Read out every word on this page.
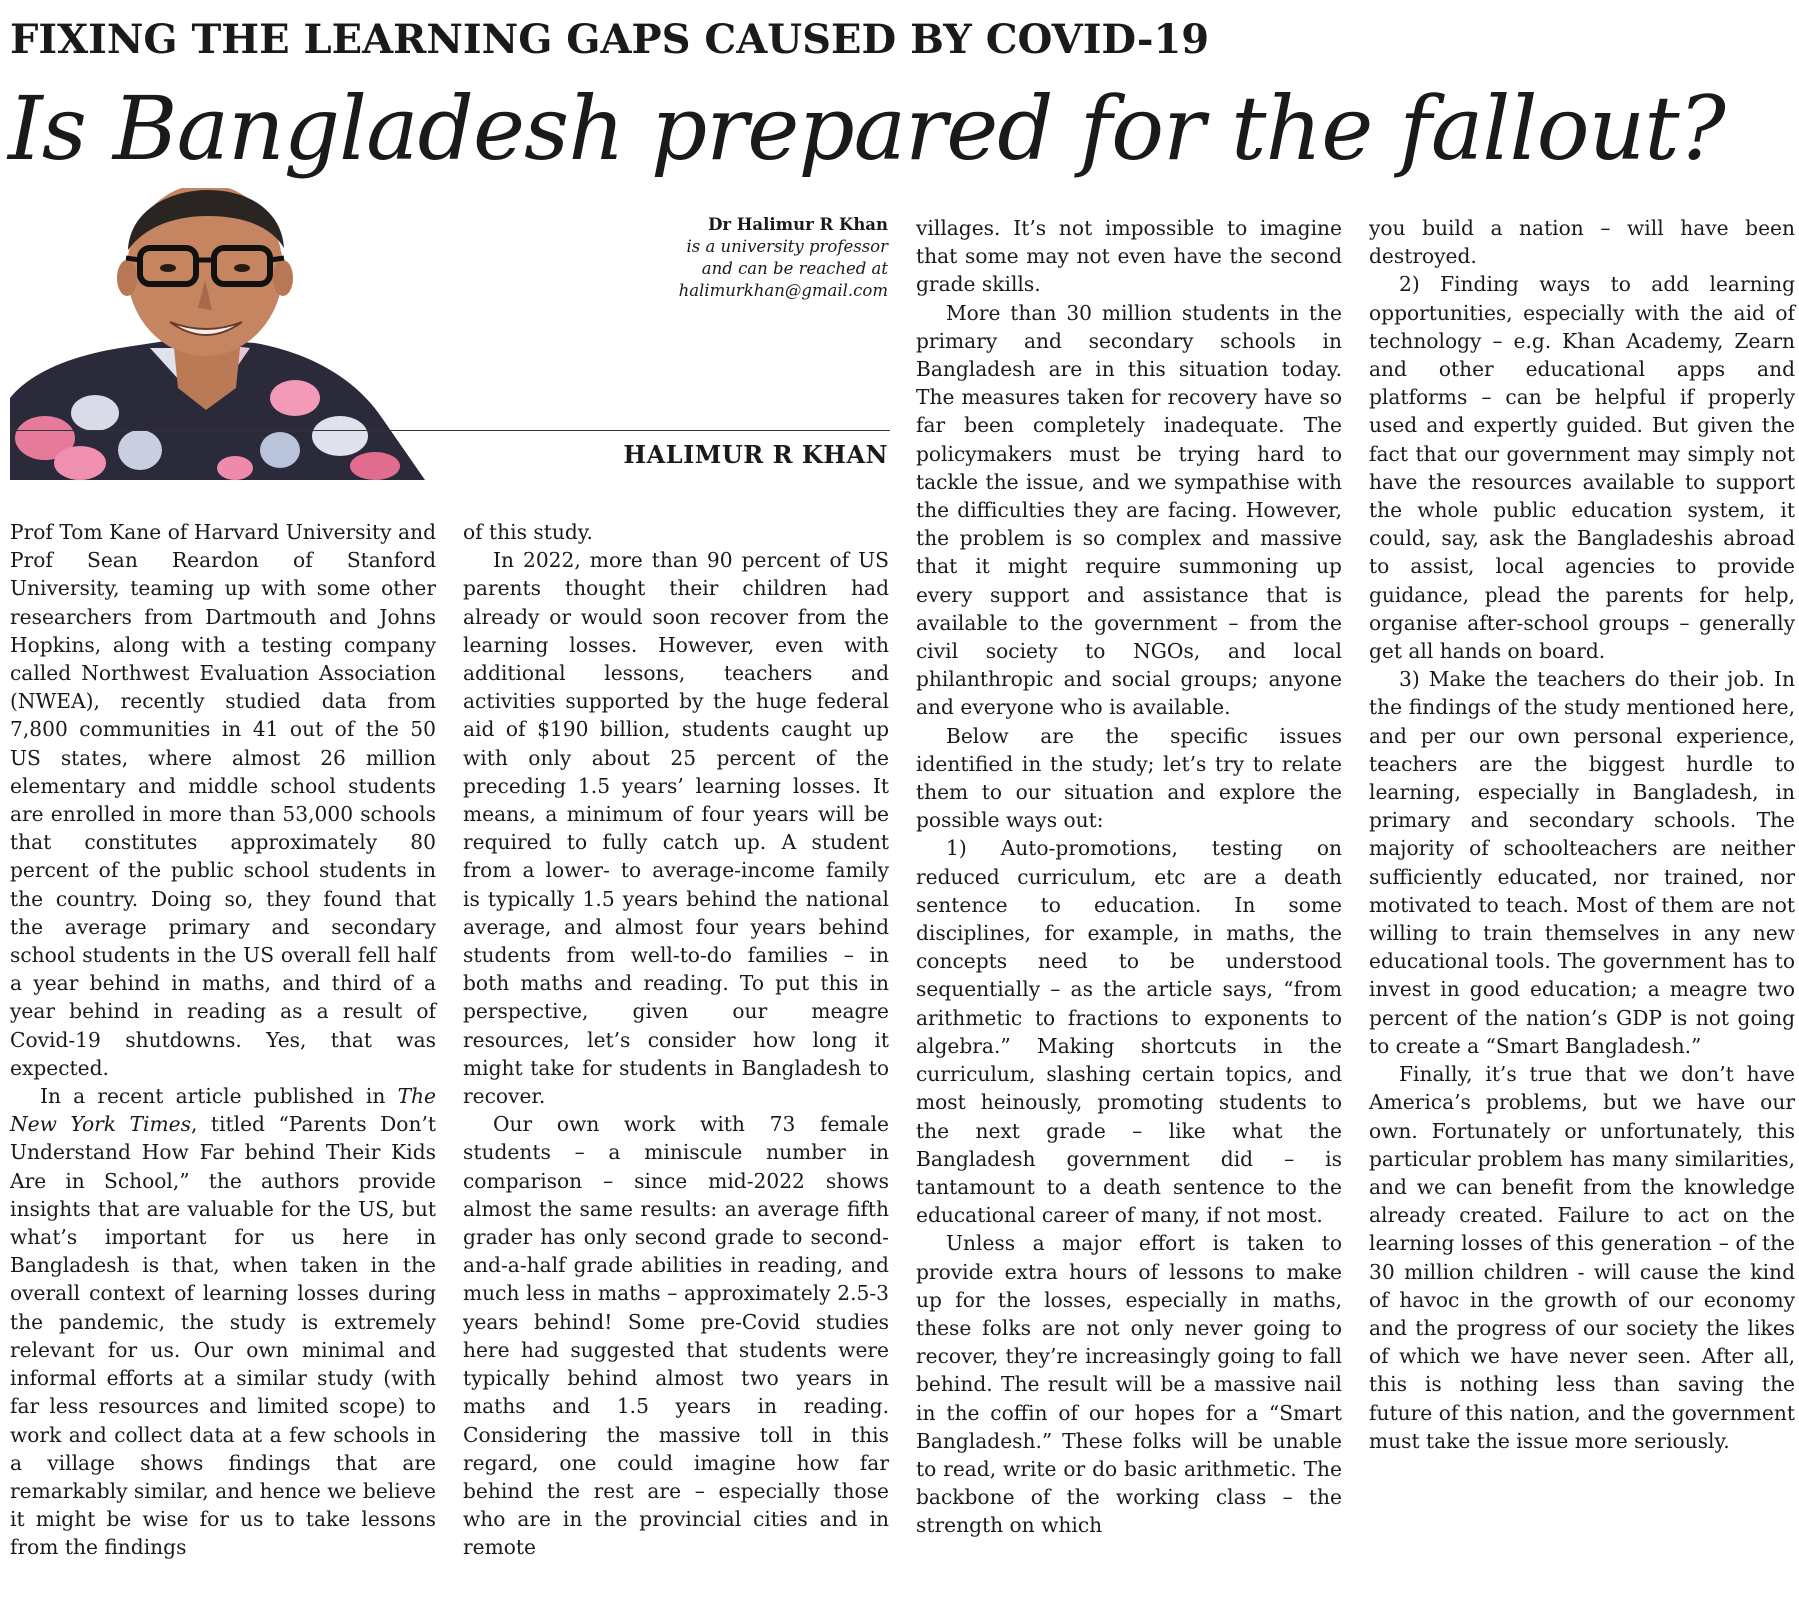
FIXING THE LEARNING GAPS CAUSED BY COVID-19
Is Bangladesh prepared for the fallout?
Dr Halimur R Khan
is a university professor
and can be reached at
halimurkhan@gmail.com
HALIMUR R KHAN

Prof Tom Kane of Harvard University and Prof Sean Reardon of Stanford University, teaming up with some other researchers from Dartmouth and Johns Hopkins, along with a testing company called Northwest Evaluation Association (NWEA), recently studied data from 7,800 communities in 41 out of the 50 US states, where almost 26 million elementary and middle school students are enrolled in more than 53,000 schools that constitutes approximately 80 percent of the public school students in the country. Doing so, they found that the average primary and secondary school students in the US overall fell half a year behind in maths, and third of a year behind in reading as a result of Covid-19 shutdowns. Yes, that was expected.

In a recent article published in The New York Times, titled “Parents Don’t Understand How Far behind Their Kids Are in School,” the authors provide insights that are valuable for the US, but what’s important for us here in Bangladesh is that, when taken in the overall context of learning losses during the pandemic, the study is extremely relevant for us. Our own minimal and informal efforts at a similar study (with far less resources and limited scope) to work and collect data at a few schools in a village shows findings that are remarkably similar, and hence we believe it might be wise for us to take lessons from the findings

of this study.

In 2022, more than 90 percent of US parents thought their children had already or would soon recover from the learning losses. However, even with additional lessons, teachers and activities supported by the huge federal aid of $190 billion, students caught up with only about 25 percent of the preceding 1.5 years’ learning losses. It means, a minimum of four years will be required to fully catch up. A student from a lower- to average-income family is typically 1.5 years behind the national average, and almost four years behind students from well-to-do families – in both maths and reading. To put this in perspective, given our meagre resources, let’s consider how long it might take for students in Bangladesh to recover.

Our own work with 73 female students – a miniscule number in comparison – since mid-2022 shows almost the same results: an average fifth grader has only second grade to second-and-a-half grade abilities in reading, and much less in maths – approximately 2.5-3 years behind! Some pre-Covid studies here had suggested that students were typically behind almost two years in maths and 1.5 years in reading. Considering the massive toll in this regard, one could imagine how far behind the rest are – especially those who are in the provincial cities and in remote

villages. It’s not impossible to imagine that some may not even have the second grade skills.

More than 30 million students in the primary and secondary schools in Bangladesh are in this situation today. The measures taken for recovery have so far been completely inadequate. The policymakers must be trying hard to tackle the issue, and we sympathise with the difficulties they are facing. However, the problem is so complex and massive that it might require summoning up every support and assistance that is available to the government – from the civil society to NGOs, and local philanthropic and social groups; anyone and everyone who is available.

Below are the specific issues identified in the study; let’s try to relate them to our situation and explore the possible ways out:

1) Auto-promotions, testing on reduced curriculum, etc are a death sentence to education. In some disciplines, for example, in maths, the concepts need to be understood sequentially – as the article says, “from arithmetic to fractions to exponents to algebra.” Making shortcuts in the curriculum, slashing certain topics, and most heinously, promoting students to the next grade – like what the Bangladesh government did – is tantamount to a death sentence to the educational career of many, if not most.

Unless a major effort is taken to provide extra hours of lessons to make up for the losses, especially in maths, these folks are not only never going to recover, they’re increasingly going to fall behind. The result will be a massive nail in the coffin of our hopes for a “Smart Bangladesh.” These folks will be unable to read, write or do basic arithmetic. The backbone of the working class – the strength on which

you build a nation – will have been destroyed.

2) Finding ways to add learning opportunities, especially with the aid of technology – e.g. Khan Academy, Zearn and other educational apps and platforms – can be helpful if properly used and expertly guided. But given the fact that our government may simply not have the resources available to support the whole public education system, it could, say, ask the Bangladeshis abroad to assist, local agencies to provide guidance, plead the parents for help, organise after-school groups – generally get all hands on board.

3) Make the teachers do their job. In the findings of the study mentioned here, and per our own personal experience, teachers are the biggest hurdle to learning, especially in Bangladesh, in primary and secondary schools. The majority of schoolteachers are neither sufficiently educated, nor trained, nor motivated to teach. Most of them are not willing to train themselves in any new educational tools. The government has to invest in good education; a meagre two percent of the nation’s GDP is not going to create a “Smart Bangladesh.”

Finally, it’s true that we don’t have America’s problems, but we have our own. Fortunately or unfortunately, this particular problem has many similarities, and we can benefit from the knowledge already created. Failure to act on the learning losses of this generation – of the 30 million children - will cause the kind of havoc in the growth of our economy and the progress of our society the likes of which we have never seen. After all, this is nothing less than saving the future of this nation, and the government must take the issue more seriously.
